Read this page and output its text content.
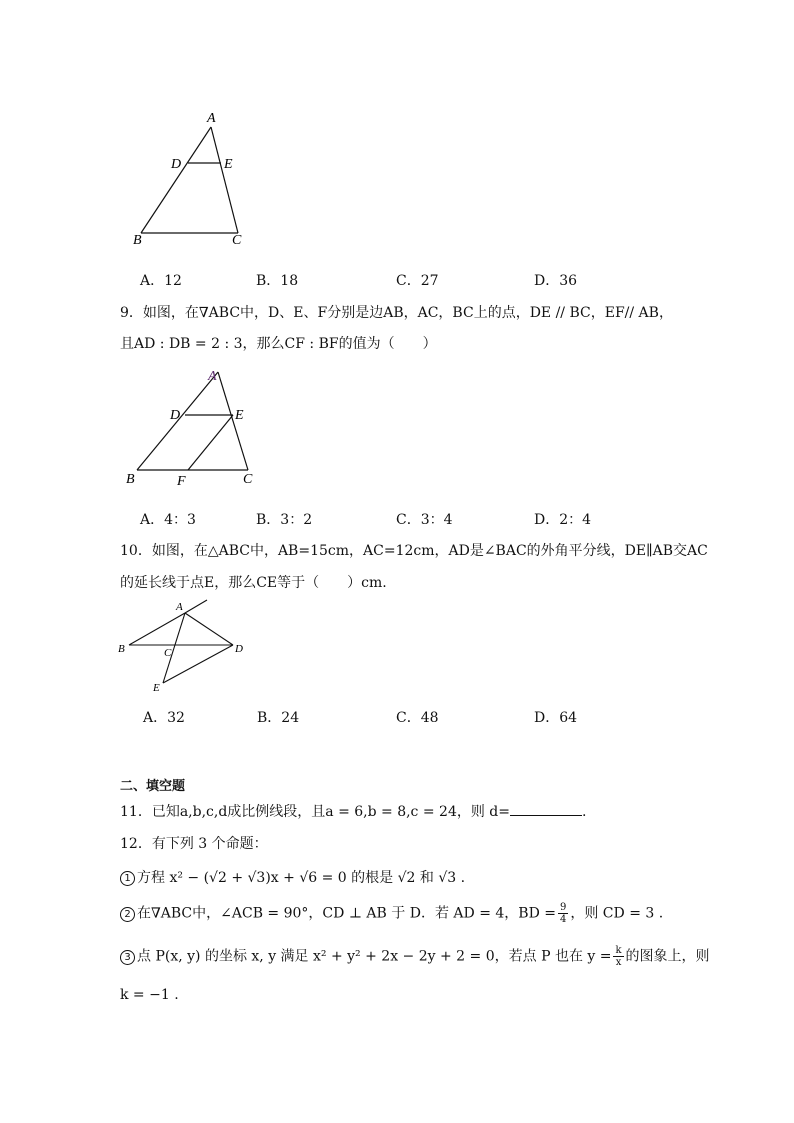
A
D	E
B	C
A．12	B．18	C．27	D．36
9．如图，在∇ABC中，D、E、F分别是边AB，AC，BC上的点，DE // BC，EF// AB，
且AD : DB = 2 : 3，那么CF : BF的值为（　　）
A
D	E
B	F	C
A．4：3	B．3：2	C．3：4	D．2：4
10．如图，在△ABC中，AB=15cm，AC=12cm，AD是∠BAC的外角平分线，DE∥AB交AC
的延长线于点E，那么CE等于（　　）cm.
A
B	C	D
E
A．32	B．24	C．48	D．64
二、填空题
11．已知a,b,c,d成比例线段，且a = 6,b = 8,c = 24，则 d=	.
12．有下列 3 个命题：
1 方程 x² − (√2 + √3)x + √6 = 0 的根是 √2 和 √3 .
2 在∇ABC中，∠ACB = 90°，CD ⊥ AB 于 D．若 AD = 4，BD = $\frac{9}{4}$ ，则 CD = 3 .
3 点 P(x, y) 的坐标 x, y 满足 x² + y² + 2x − 2y + 2 = 0，若点 P 也在 $y = \frac{k}{x}$ 的图象上，则
k = −1 .
